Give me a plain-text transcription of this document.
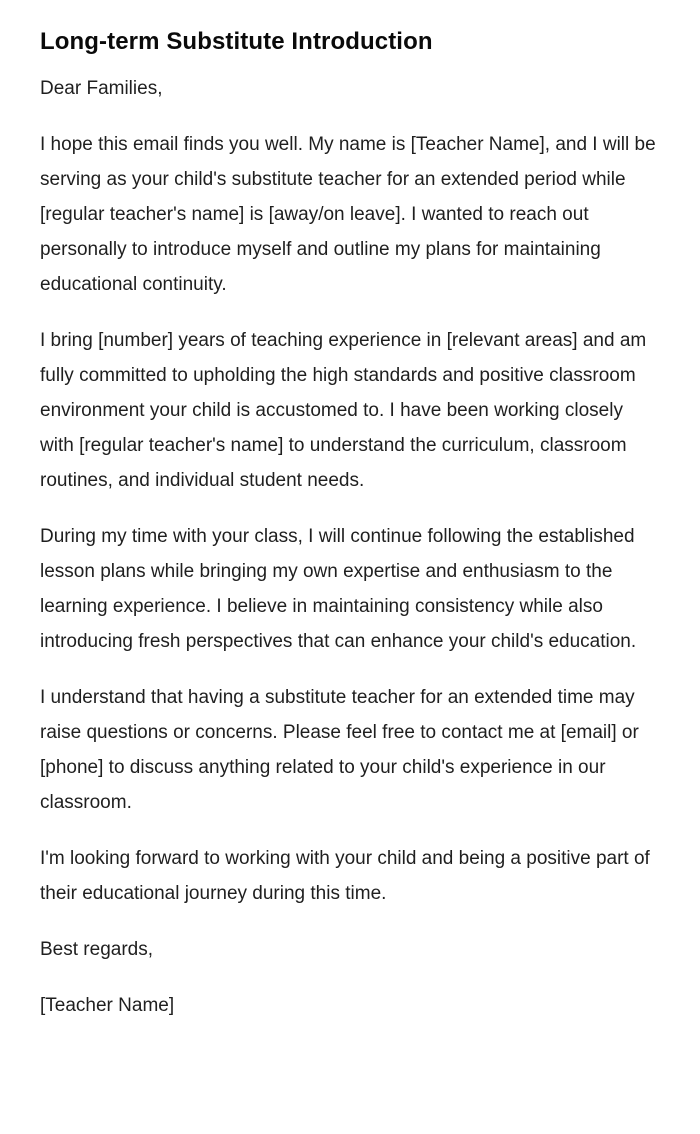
Long-term Substitute Introduction

Dear Families,

I hope this email finds you well. My name is [Teacher Name], and I will be serving as your child's substitute teacher for an extended period while [regular teacher's name] is [away/on leave]. I wanted to reach out personally to introduce myself and outline my plans for maintaining educational continuity.

I bring [number] years of teaching experience in [relevant areas] and am fully committed to upholding the high standards and positive classroom environment your child is accustomed to. I have been working closely with [regular teacher's name] to understand the curriculum, classroom routines, and individual student needs.

During my time with your class, I will continue following the established lesson plans while bringing my own expertise and enthusiasm to the learning experience. I believe in maintaining consistency while also introducing fresh perspectives that can enhance your child's education.

I understand that having a substitute teacher for an extended time may raise questions or concerns. Please feel free to contact me at [email] or [phone] to discuss anything related to your child's experience in our classroom.

I'm looking forward to working with your child and being a positive part of their educational journey during this time.

Best regards,

[Teacher Name]
